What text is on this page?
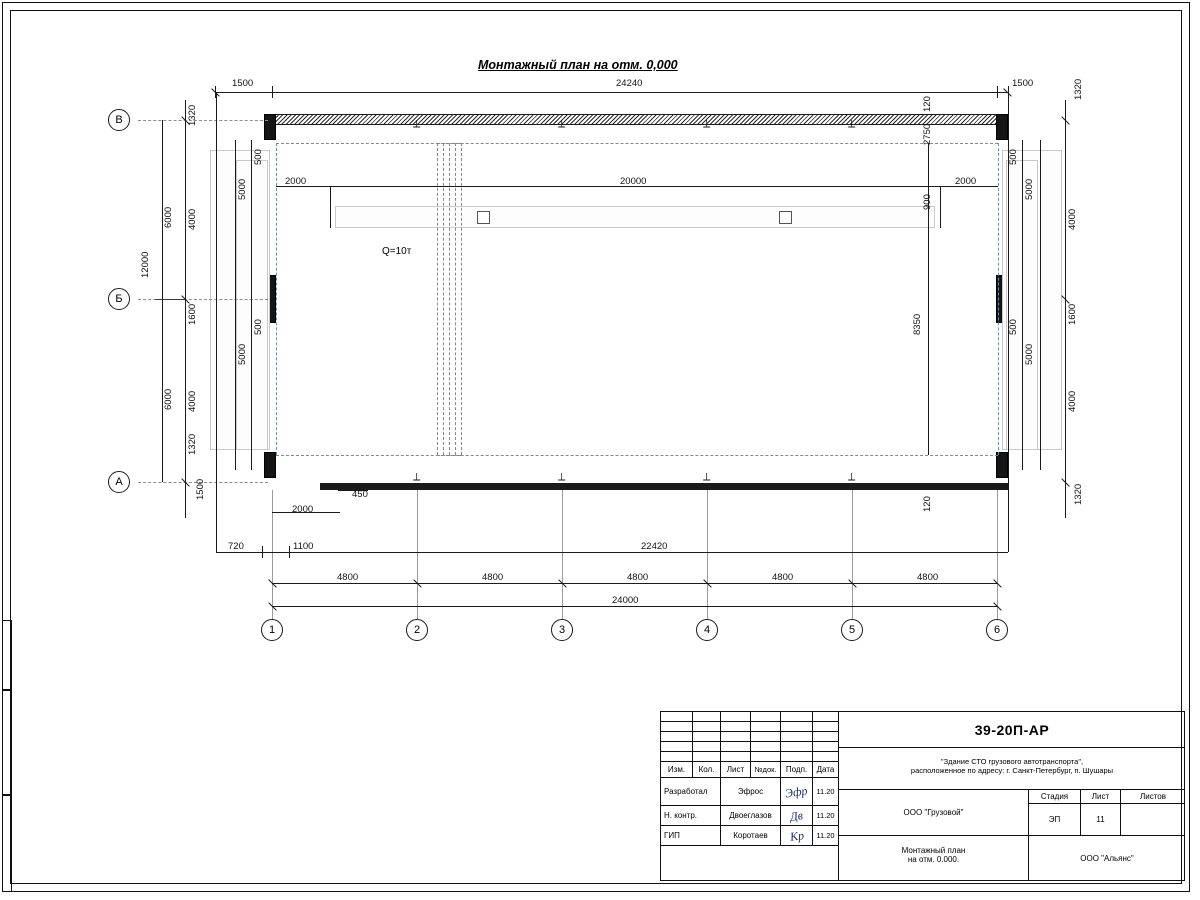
Монтажный план на отм. 0,000
⟂	⟂	⟂	⟂
⟂	⟂	⟂	⟂
Q=10т
В
Б
А
1	2	3	4	5	6
1500	24240	1500	1320
120
2000	20000	2000
12000
6000
6000
4000
1600
4000
1320
1320
1500
5000
5000
500
500
500
500
5000
5000
4000
1600
4000
1320
2750
900
8350
120
2000
450
720	1100	22420
4800	4800	4800	4800	4800
24000
Изм.	Кол.	Лист	№док.	Подп.	Дата
Разработал	Эфрос	Эфр	11.20
Н. контр.	Двоеглазов	Дв	11.20
ГИП	Коротаев	Кр	11.20
39-20П-АР
"Здание СТО грузового автотранспорта",
расположенное по адресу: г. Санкт-Петербург, п. Шушары
ООО "Грузовой"
Стадия	Лист	Листов
ЭП	11
Монтажный план
на отм. 0.000.	ООО "Альянс"
